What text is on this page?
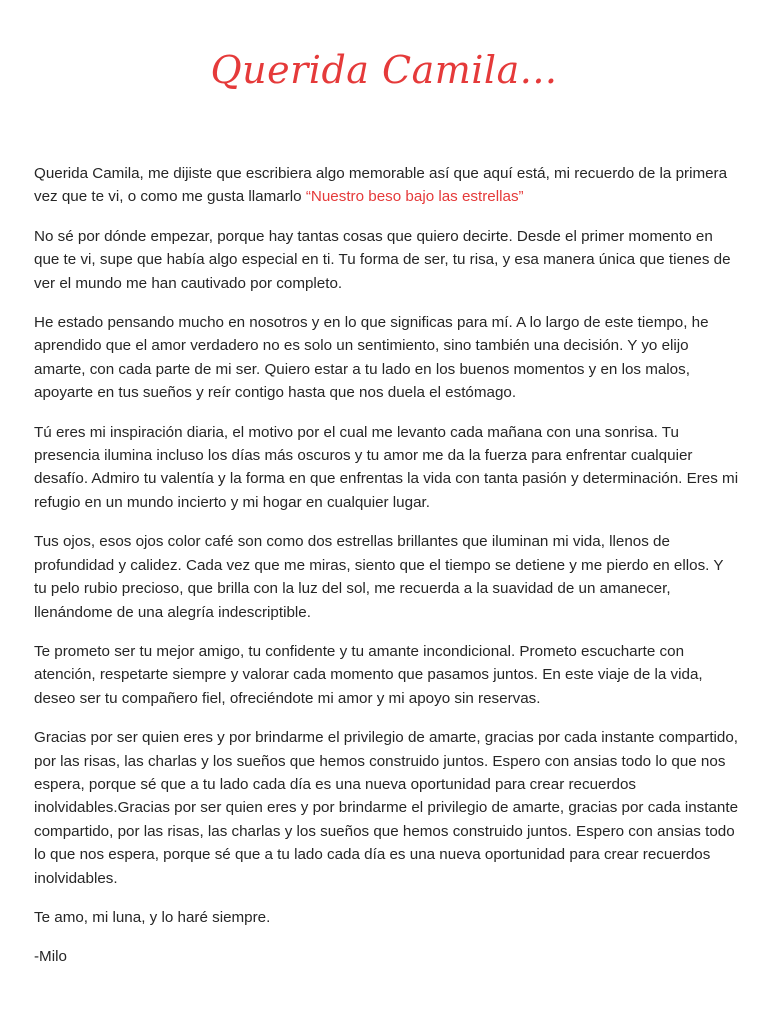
Querida Camila...

Querida Camila, me dijiste que escribiera algo memorable así que aquí está, mi recuerdo de la primera vez que te vi, o como me gusta llamarlo “Nuestro beso bajo las estrellas”

No sé por dónde empezar, porque hay tantas cosas que quiero decirte. Desde el primer momento en que te vi, supe que había algo especial en ti. Tu forma de ser, tu risa, y esa manera única que tienes de ver el mundo me han cautivado por completo.

He estado pensando mucho en nosotros y en lo que significas para mí. A lo largo de este tiempo, he aprendido que el amor verdadero no es solo un sentimiento, sino también una decisión. Y yo elijo amarte, con cada parte de mi ser. Quiero estar a tu lado en los buenos momentos y en los malos, apoyarte en tus sueños y reír contigo hasta que nos duela el estómago.

Tú eres mi inspiración diaria, el motivo por el cual me levanto cada mañana con una sonrisa. Tu presencia ilumina incluso los días más oscuros y tu amor me da la fuerza para enfrentar cualquier desafío. Admiro tu valentía y la forma en que enfrentas la vida con tanta pasión y determinación. Eres mi refugio en un mundo incierto y mi hogar en cualquier lugar.

Tus ojos, esos ojos color café son como dos estrellas brillantes que iluminan mi vida, llenos de profundidad y calidez. Cada vez que me miras, siento que el tiempo se detiene y me pierdo en ellos. Y tu pelo rubio precioso, que brilla con la luz del sol, me recuerda a la suavidad de un amanecer, llenándome de una alegría indescriptible.

Te prometo ser tu mejor amigo, tu confidente y tu amante incondicional. Prometo escucharte con atención, respetarte siempre y valorar cada momento que pasamos juntos. En este viaje de la vida, deseo ser tu compañero fiel, ofreciéndote mi amor y mi apoyo sin reservas.

Gracias por ser quien eres y por brindarme el privilegio de amarte, gracias por cada instante compartido, por las risas, las charlas y los sueños que hemos construido juntos. Espero con ansias todo lo que nos espera, porque sé que a tu lado cada día es una nueva oportunidad para crear recuerdos inolvidables.Gracias por ser quien eres y por brindarme el privilegio de amarte, gracias por cada instante compartido, por las risas, las charlas y los sueños que hemos construido juntos. Espero con ansias todo lo que nos espera, porque sé que a tu lado cada día es una nueva oportunidad para crear recuerdos inolvidables.

Te amo, mi luna, y lo haré siempre.

-Milo
